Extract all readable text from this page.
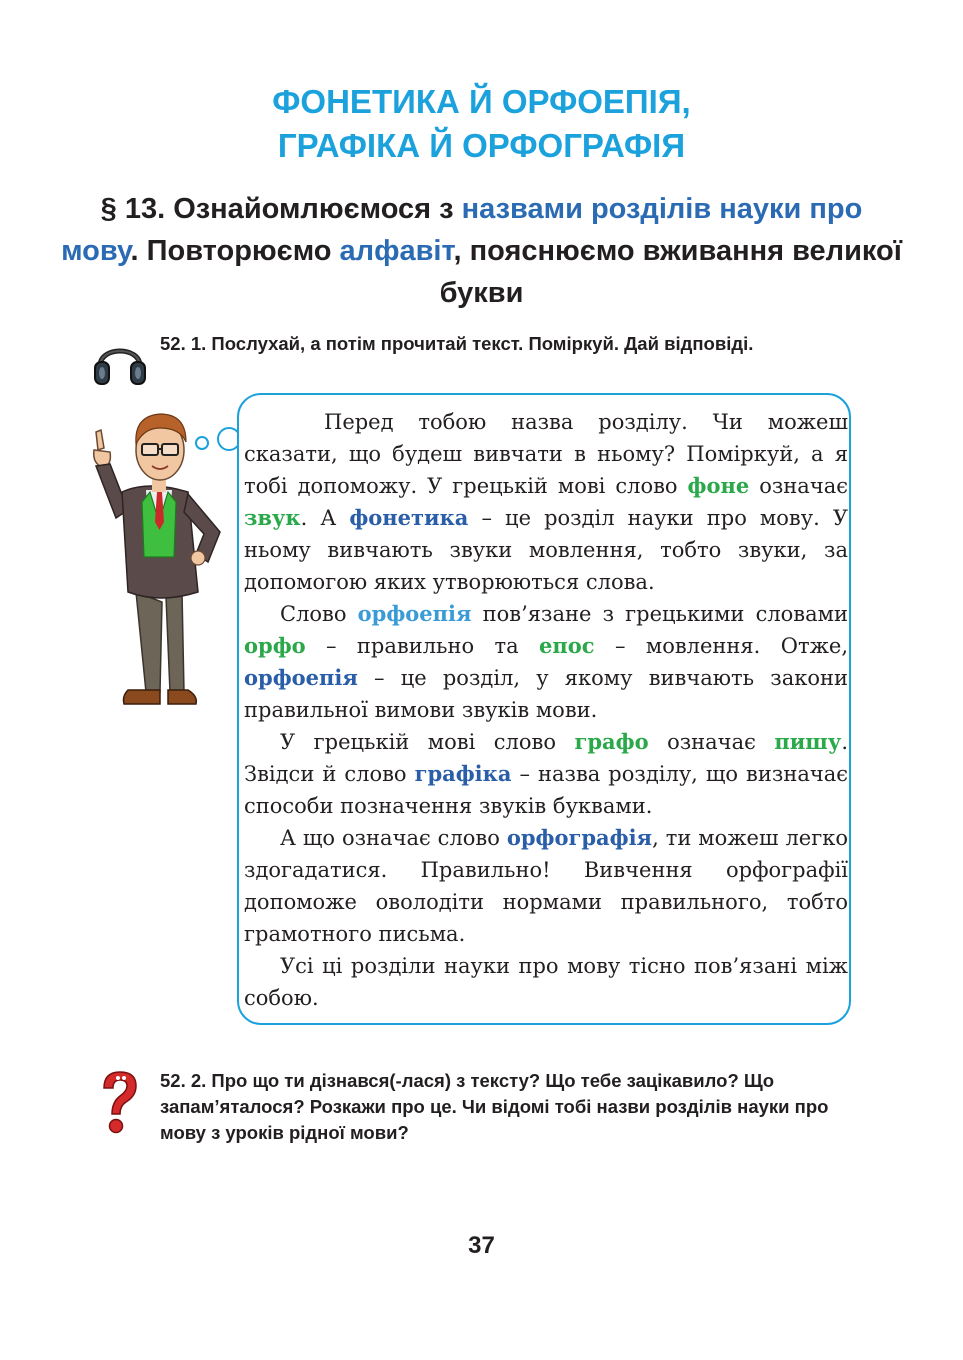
ФОНЕТИКА Й ОРФОЕПІЯ,
ГРАФІКА Й ОРФОГРАФІЯ
§ 13. Ознайомлюємося з назвами розділів науки про мову. Повторюємо алфавіт, пояснюємо вживання великої букви
52. 1. Послухай, а потім прочитай текст. Поміркуй. Дай відповіді.

Перед тобою назва розділу. Чи можеш сказати, що будеш вивчати в ньому? Поміркуй, а я тобі допоможу. У грецькій мові слово фоне означає звук. А фонетика – це розділ науки про мову. У ньому вивчають звуки мовлення, тобто звуки, за допомогою яких утворюються слова.

Слово орфоепія пов’язане з грецькими словами орфо – правильно та епос – мовлення. Отже, орфоепія – це розділ, у якому вивчають закони правильної вимови звуків мови.

У грецькій мові слово графо означає пишу. Звідси й слово графіка – назва розділу, що визначає способи позначення звуків буквами.

А що означає слово орфографія, ти можеш легко здогадатися. Правильно! Вивчення орфографії допоможе оволодіти нормами правильного, тобто грамотного письма.

Усі ці розділи науки про мову тісно пов’язані між собою.

52. 2. Про що ти дізнався(-лася) з тексту? Що тебе зацікавило? Що запам’яталося? Розкажи про це. Чи відомі тобі назви розділів науки про мову з уроків рідної мови?
37
